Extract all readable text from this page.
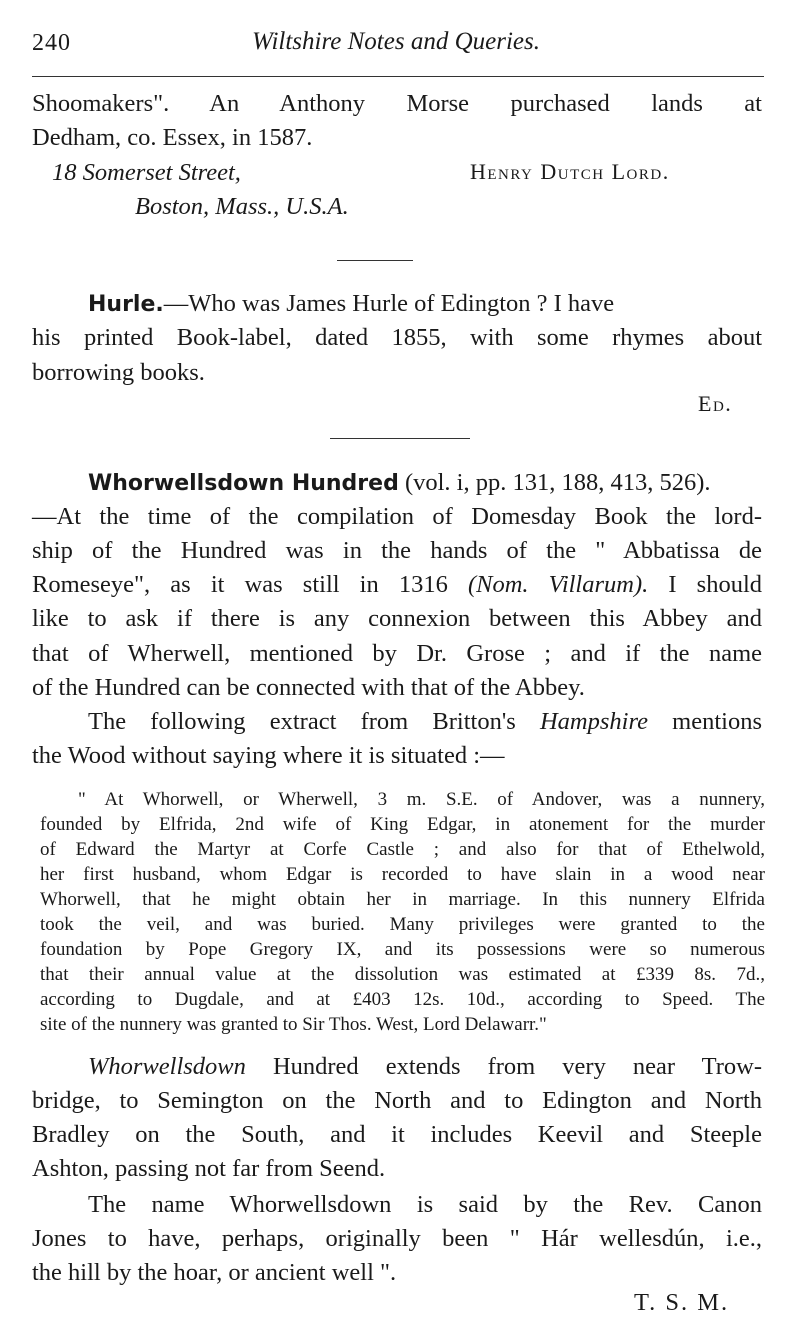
240	Wiltshire Notes and Queries.
Shoomakers". An Anthony Morse purchased lands at
Dedham, co. Essex, in 1587.
18 Somerset Street,	Henry Dutch Lord.
Boston, Mass., U.S.A.
Hurle.—Who was James Hurle of Edington ? I have
his printed Book-label, dated 1855, with some rhymes about
borrowing books.
Ed.
Whorwellsdown Hundred (vol. i, pp. 131, 188, 413, 526).
—At the time of the compilation of Domesday Book the lord-
ship of the Hundred was in the hands of the " Abbatissa de
Romeseye", as it was still in 1316 (Nom. Villarum). I should
like to ask if there is any connexion between this Abbey and
that of Wherwell, mentioned by Dr. Grose ; and if the name
of the Hundred can be connected with that of the Abbey.
The following extract from Britton's Hampshire mentions
the Wood without saying where it is situated :—
" At Whorwell, or Wherwell, 3 m. S.E. of Andover, was a nunnery,
founded by Elfrida, 2nd wife of King Edgar, in atonement for the murder
of Edward the Martyr at Corfe Castle ; and also for that of Ethelwold,
her first husband, whom Edgar is recorded to have slain in a wood near
Whorwell, that he might obtain her in marriage. In this nunnery Elfrida
took the veil, and was buried. Many privileges were granted to the
foundation by Pope Gregory IX, and its possessions were so numerous
that their annual value at the dissolution was estimated at £339 8s. 7d.,
according to Dugdale, and at £403 12s. 10d., according to Speed. The
site of the nunnery was granted to Sir Thos. West, Lord Delawarr."
Whorwellsdown Hundred extends from very near Trow-
bridge, to Semington on the North and to Edington and North
Bradley on the South, and it includes Keevil and Steeple
Ashton, passing not far from Seend.
The name Whorwellsdown is said by the Rev. Canon
Jones to have, perhaps, originally been " Hár wellesdún, i.e.,
the hill by the hoar, or ancient well ".
T. S. M.
